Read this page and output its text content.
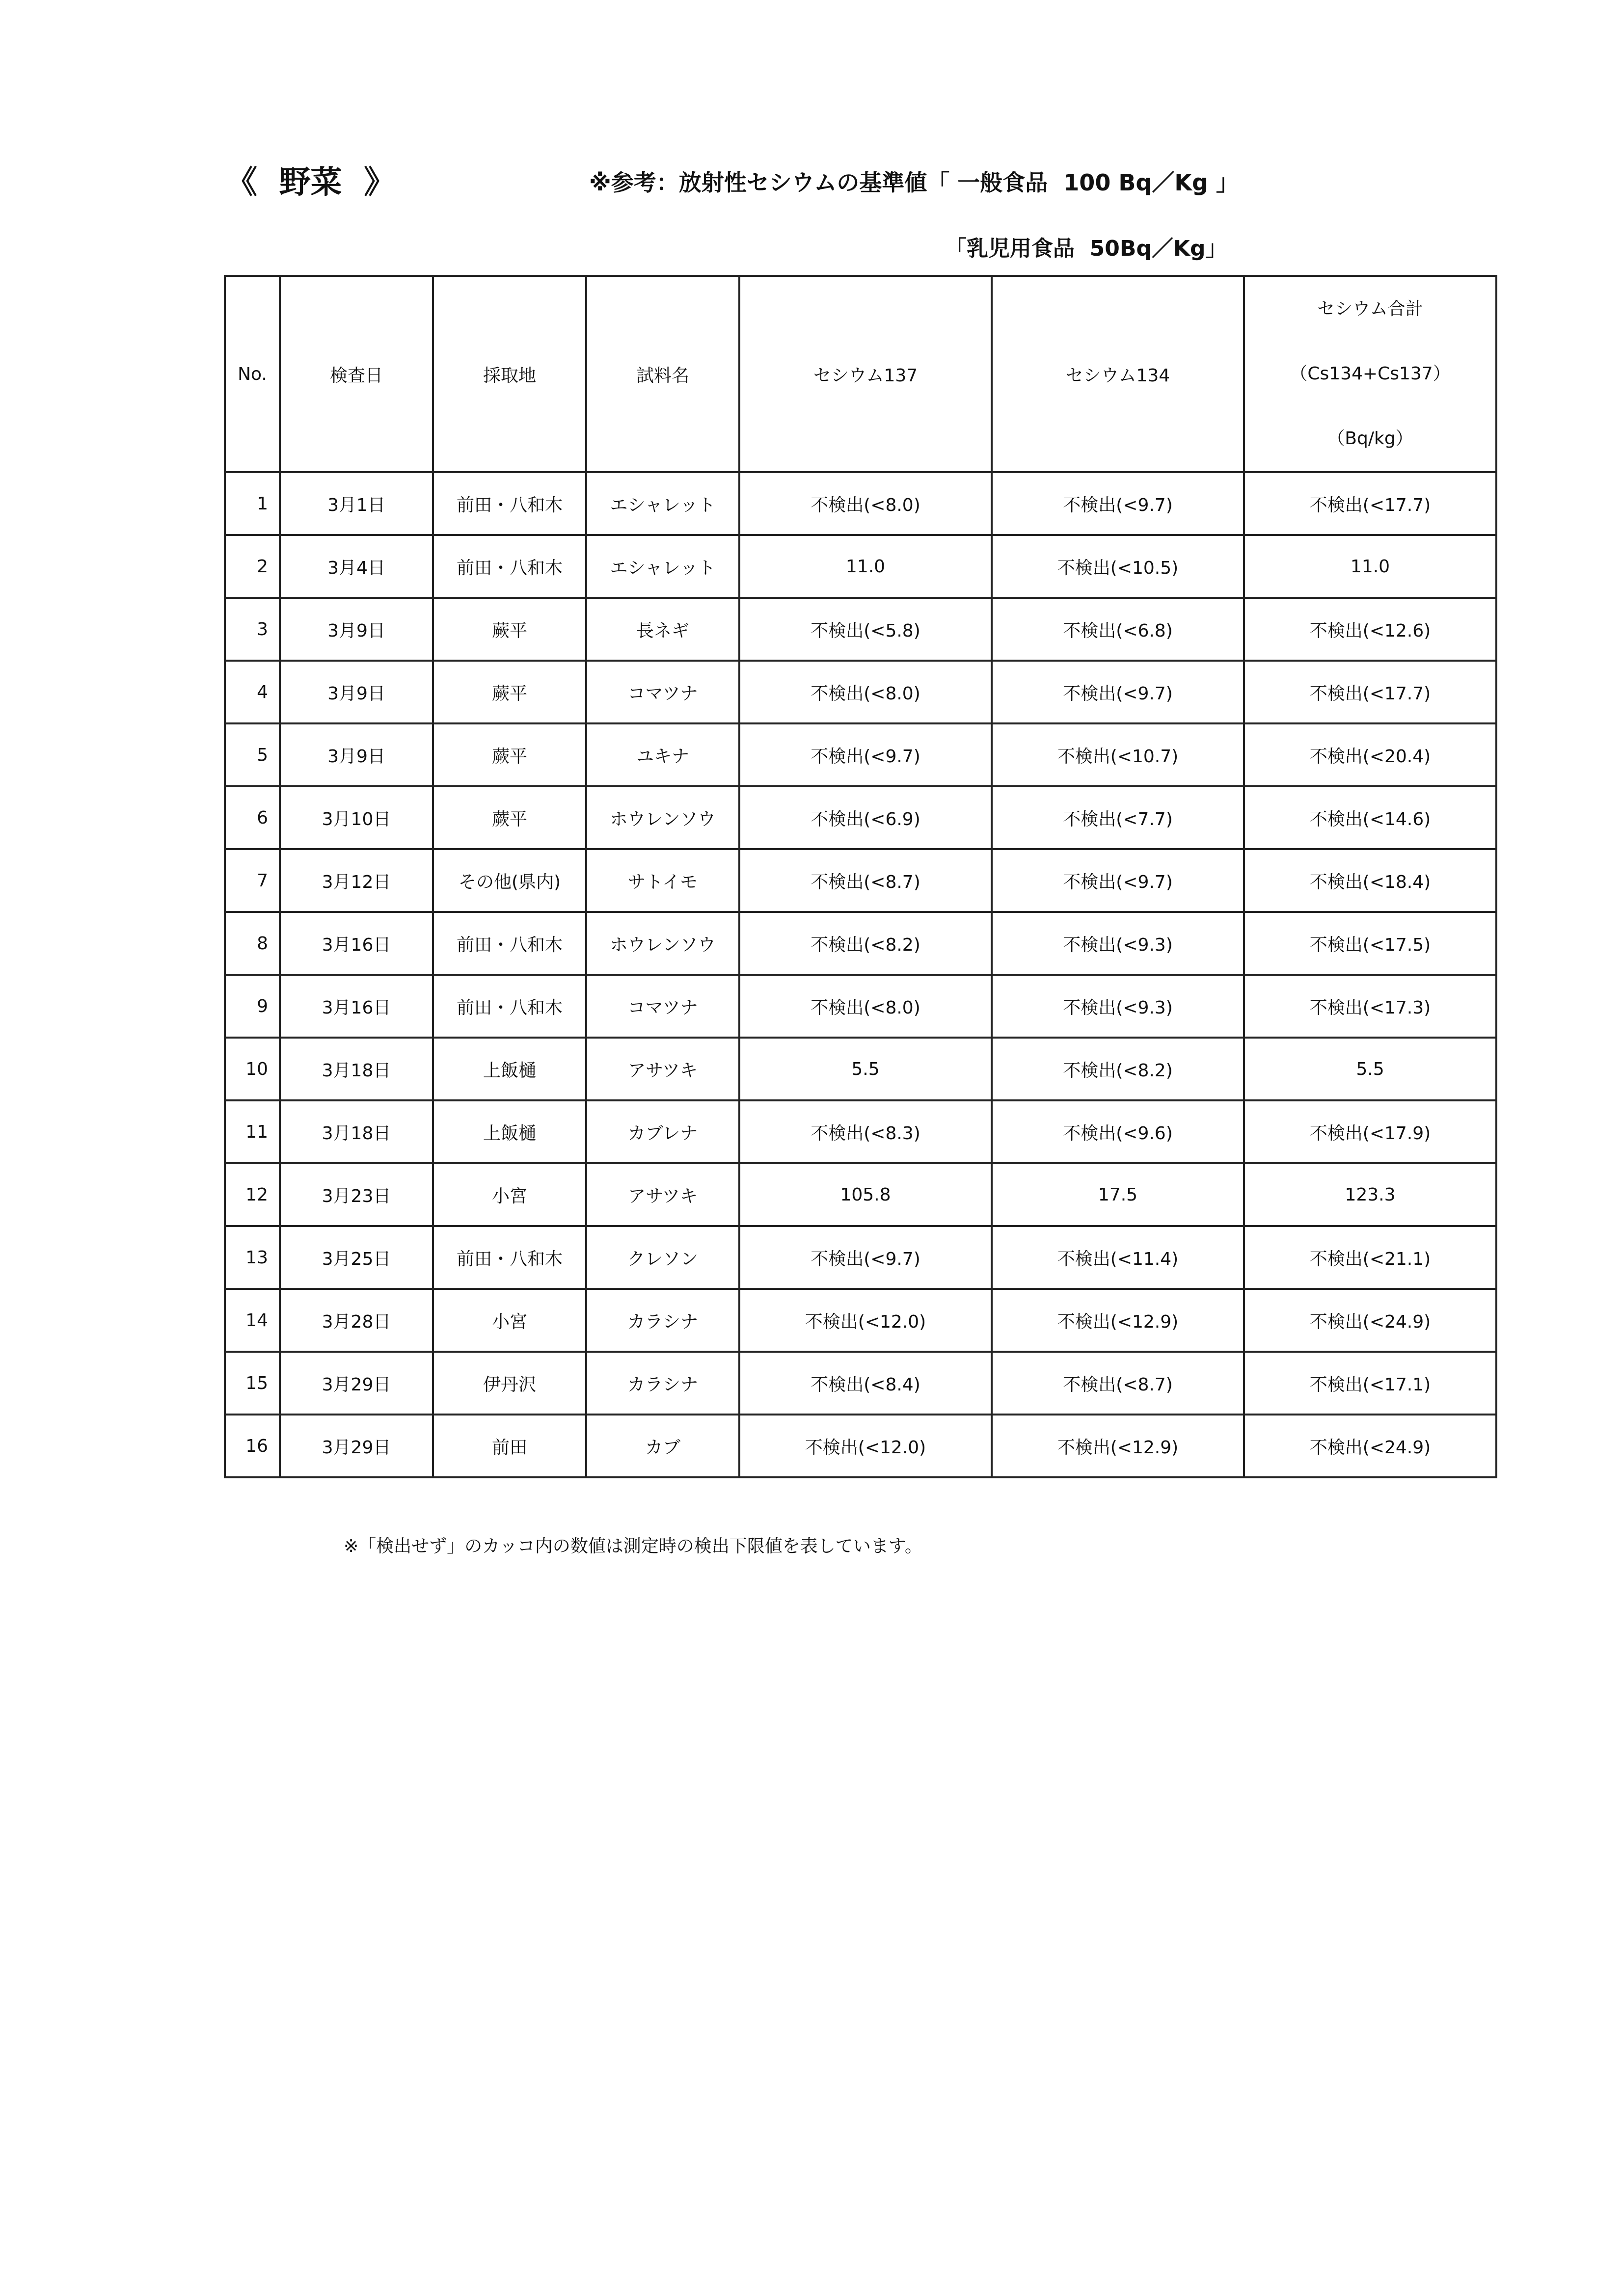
《  野菜  》	※参考：放射性セシウムの基準値「 一般食品  100 Bq／Kg 」
「乳児用食品  50Bq／Kg」
No.	検査日	採取地	試料名	セシウム137	セシウム134	セシウム合計
（Cs134+Cs137）
（Bq/kg）

1	3月1日	前田・八和木	エシャレット	不検出(<8.0)	不検出(<9.7)	不検出(<17.7)
2	3月4日	前田・八和木	エシャレット	11.0	不検出(<10.5)	11.0
3	3月9日	蕨平	長ネギ	不検出(<5.8)	不検出(<6.8)	不検出(<12.6)
4	3月9日	蕨平	コマツナ	不検出(<8.0)	不検出(<9.7)	不検出(<17.7)
5	3月9日	蕨平	ユキナ	不検出(<9.7)	不検出(<10.7)	不検出(<20.4)
6	3月10日	蕨平	ホウレンソウ	不検出(<6.9)	不検出(<7.7)	不検出(<14.6)
7	3月12日	その他(県内)	サトイモ	不検出(<8.7)	不検出(<9.7)	不検出(<18.4)
8	3月16日	前田・八和木	ホウレンソウ	不検出(<8.2)	不検出(<9.3)	不検出(<17.5)
9	3月16日	前田・八和木	コマツナ	不検出(<8.0)	不検出(<9.3)	不検出(<17.3)
10	3月18日	上飯樋	アサツキ	5.5	不検出(<8.2)	5.5
11	3月18日	上飯樋	カブレナ	不検出(<8.3)	不検出(<9.6)	不検出(<17.9)
12	3月23日	小宮	アサツキ	105.8	17.5	123.3
13	3月25日	前田・八和木	クレソン	不検出(<9.7)	不検出(<11.4)	不検出(<21.1)
14	3月28日	小宮	カラシナ	不検出(<12.0)	不検出(<12.9)	不検出(<24.9)
15	3月29日	伊丹沢	カラシナ	不検出(<8.4)	不検出(<8.7)	不検出(<17.1)
16	3月29日	前田	カブ	不検出(<12.0)	不検出(<12.9)	不検出(<24.9)
※「検出せず」のカッコ内の数値は測定時の検出下限値を表しています。
